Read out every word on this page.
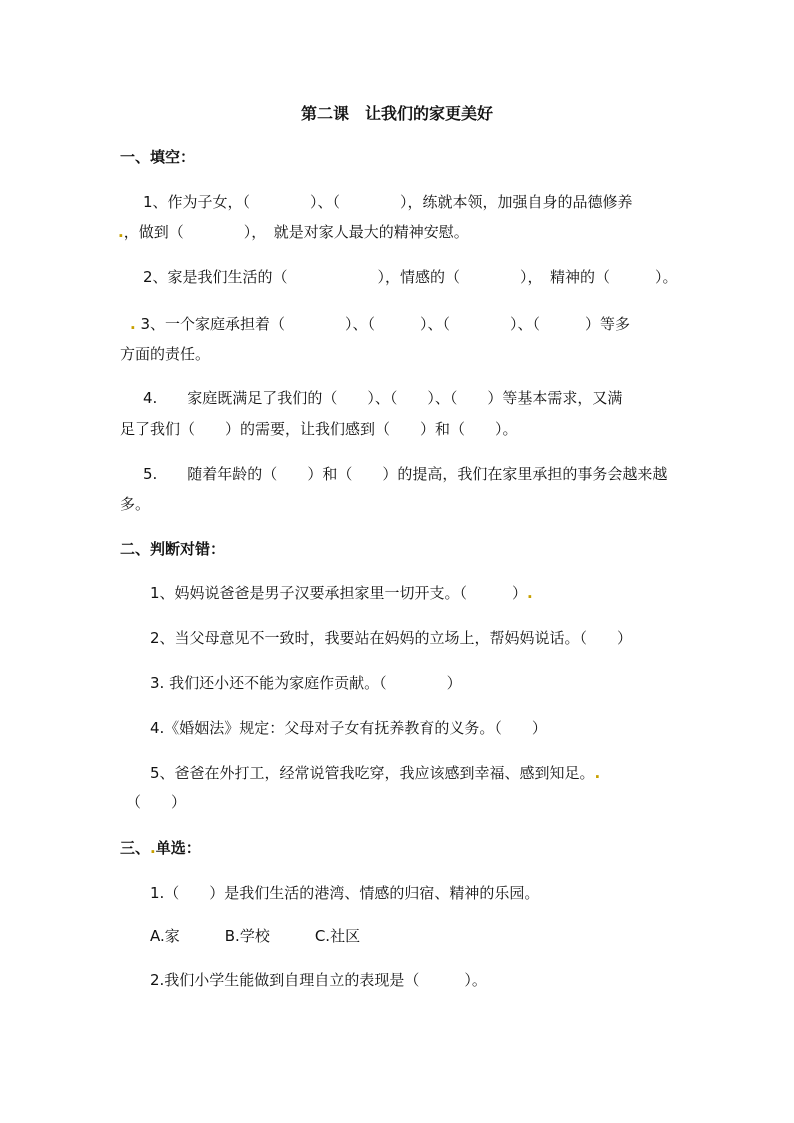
第二课　让我们的家更美好
一、填空：
1、作为子女，（　　　　）、（　　　　），练就本领，加强自身的品德修养
.，做到（　　　　），　就是对家人最大的精神安慰。
2、家是我们生活的（　　　　　　），情感的（　　　　），　精神的（　　　）。
. 3、一个家庭承担着（　　　　）、（　　　）、（　　　　）、（　　　）等多
方面的责任。
4.　　家庭既满足了我们的（　　）、（　　）、（　　）等基本需求，又满
足了我们（　　）的需要，让我们感到（　　）和（　　）。
5.　　随着年龄的（　　）和（　　）的提高，我们在家里承担的事务会越来越
多。
二、判断对错：
1、妈妈说爸爸是男子汉要承担家里一切开支。（　　　）.
2、当父母意见不一致时，我要站在妈妈的立场上，帮妈妈说话。（　　）
3. 我们还小还不能为家庭作贡献。（　　　　）
4.《婚姻法》规定：父母对子女有抚养教育的义务。（　　）
5、爸爸在外打工，经常说管我吃穿，我应该感到幸福、感到知足。.
（　　）
三、.单选：
1.（　　）是我们生活的港湾、情感的归宿、精神的乐园。
A.家　　　B.学校　　　C.社区
2.我们小学生能做到自理自立的表现是（　　　）。
